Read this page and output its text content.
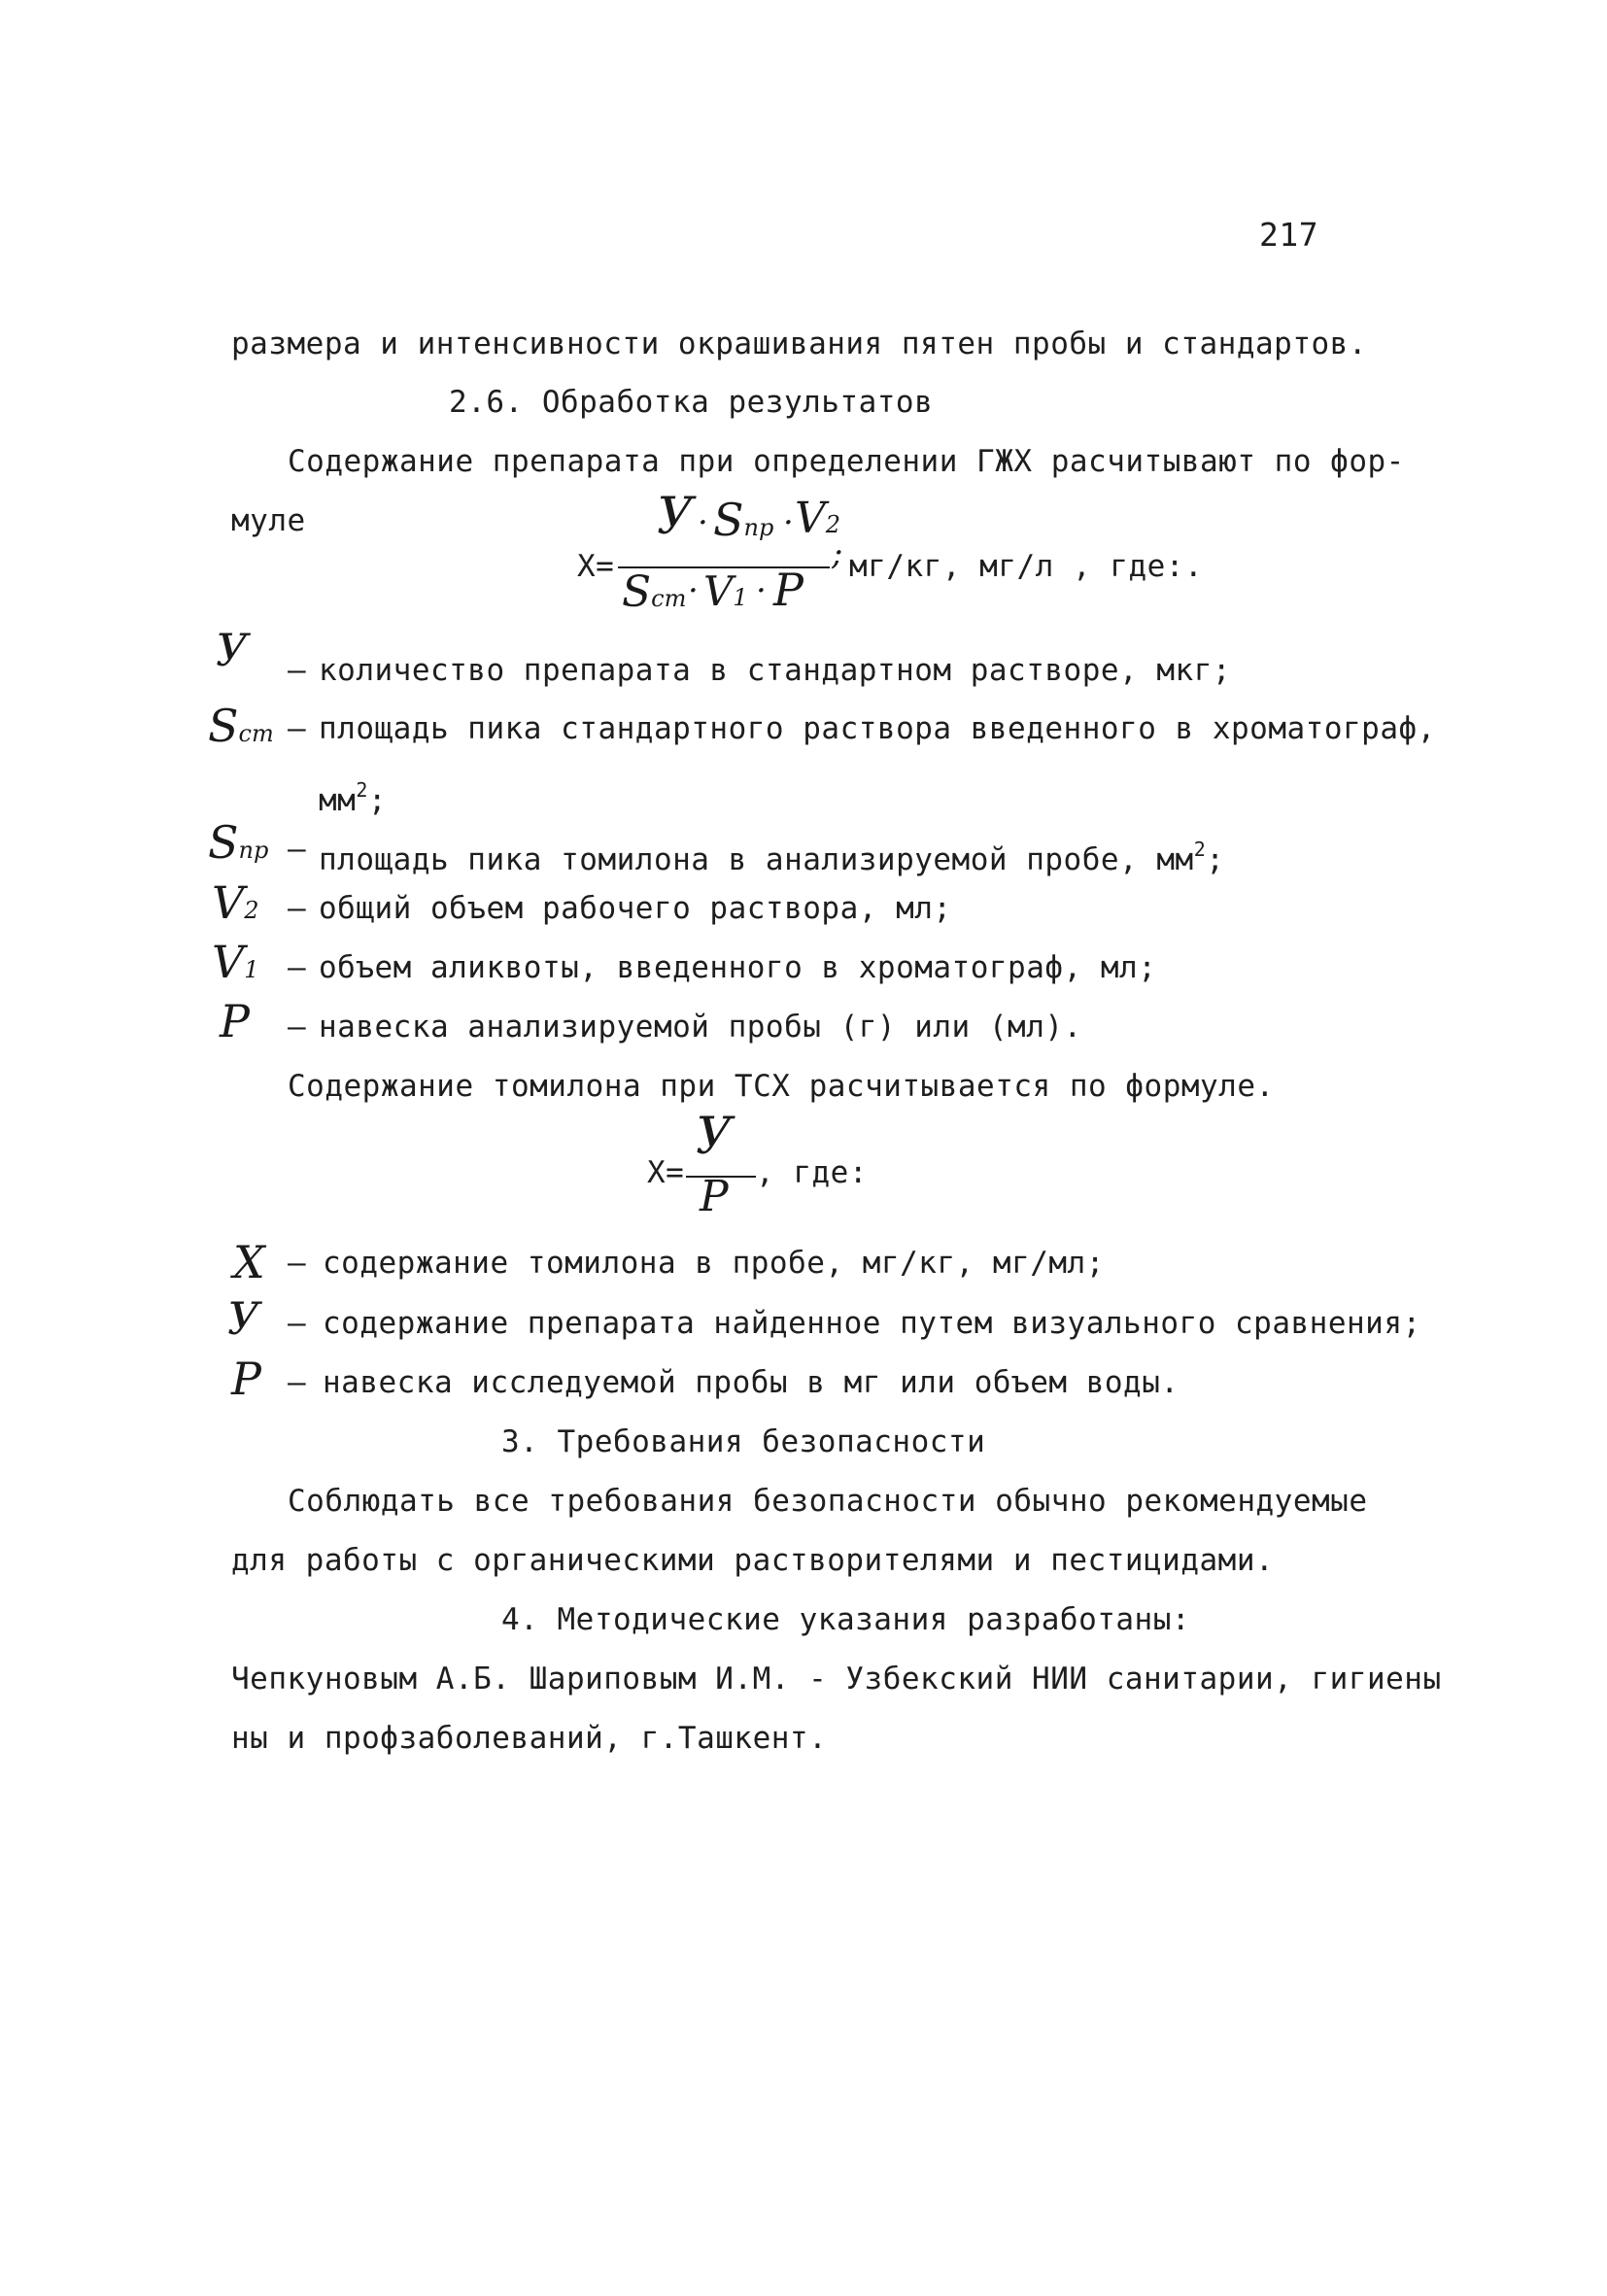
217
размера и интенсивности окрашивания пятен пробы и стандартов.
2.6. Обработка результатов
Содержание препарата при определении ГЖХ расчитывают по фор-
муле
X=
У · Sпр · V2
;
Sст · V1 · P мг/кг, мг/л , где:.
У – количество препарата в стандартном растворе, мкг;
Sст – площадь пика стандартного раствора введенного в хроматограф,
$мм^2$;
Sпр – площадь пика томилона в анализируемой пробе, $мм^2$;
V2 – общий объем рабочего раствора, мл;
V1 – объем аликвоты, введенного в хроматограф, мл;
P – навеска анализируемой пробы (г) или (мл).
Содержание томилона при ТСХ расчитывается по формуле.
X=
У
P , где:
X – содержание томилона в пробе, мг/кг, мг/мл;
У – содержание препарата найденное путем визуального сравнения;
P – навеска исследуемой пробы в мг или объем воды.
3. Требования безопасности
Соблюдать все требования безопасности обычно рекомендуемые
для работы с органическими растворителями и пестицидами.
4. Методические указания разработаны:
Чепкуновым А.Б. Шариповым И.М. - Узбекский НИИ санитарии, гигиены
ны и профзаболеваний, г.Ташкент.
